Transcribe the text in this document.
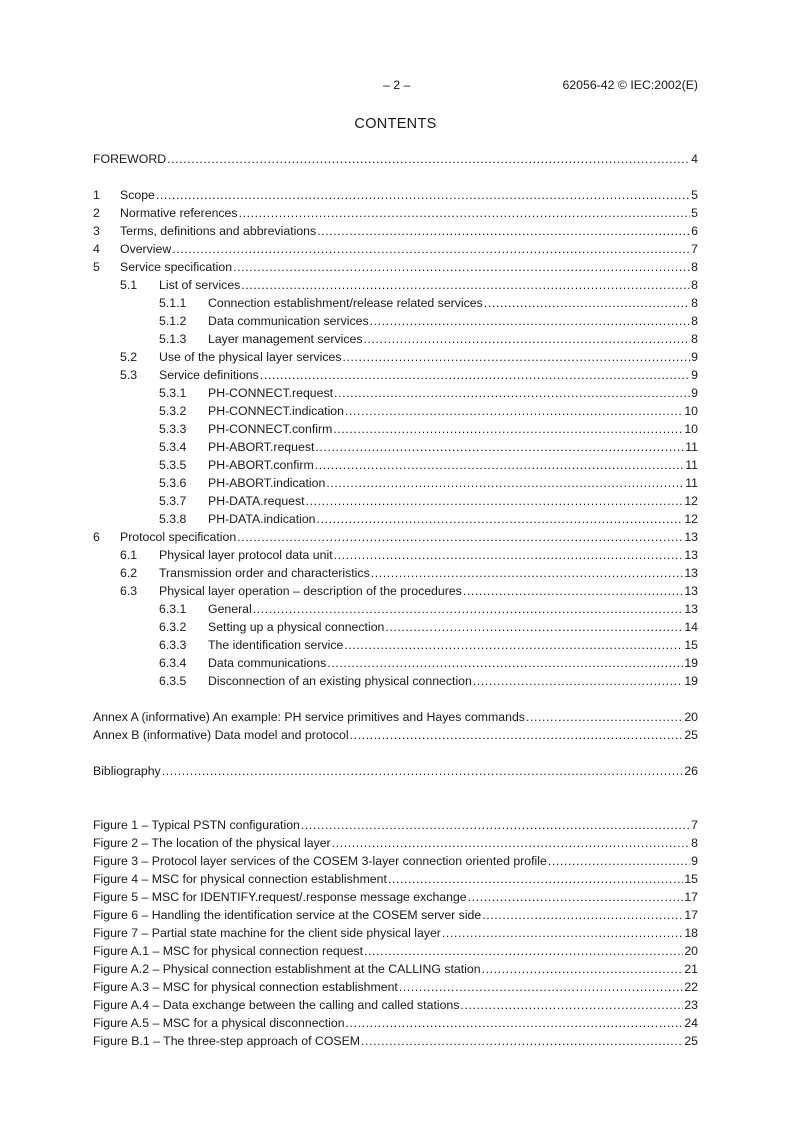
– 2 –	62056-42 © IEC:2002(E)
CONTENTS
FOREWORD .....	4
1	Scope .....	5
2	Normative references .....	5
3	Terms, definitions and abbreviations .....	6
4	Overview .....	7
5	Service specification .....	8
5.1	List of services .....	8
5.1.1	Connection establishment/release related services .....	8
5.1.2	Data communication services .....	8
5.1.3	Layer management services .....	8
5.2	Use of the physical layer services .....	9
5.3	Service definitions .....	9
5.3.1	PH-CONNECT.request .....	9
5.3.2	PH-CONNECT.indication .....	10
5.3.3	PH-CONNECT.confirm .....	10
5.3.4	PH-ABORT.request .....	11
5.3.5	PH-ABORT.confirm .....	11
5.3.6	PH-ABORT.indication .....	11
5.3.7	PH-DATA.request .....	12
5.3.8	PH-DATA.indication .....	12
6	Protocol specification .....	13
6.1	Physical layer protocol data unit .....	13
6.2	Transmission order and characteristics .....	13
6.3	Physical layer operation – description of the procedures .....	13
6.3.1	General .....	13
6.3.2	Setting up a physical connection .....	14
6.3.3	The identification service .....	15
6.3.4	Data communications .....	19
6.3.5	Disconnection of an existing physical connection .....	19
Annex A (informative) An example: PH service primitives and Hayes commands .....	20
Annex B (informative) Data model and protocol .....	25
Bibliography .....	26
Figure 1 – Typical PSTN configuration .....	7
Figure 2 – The location of the physical layer .....	8
Figure 3 – Protocol layer services of the COSEM 3-layer connection oriented profile .....	9
Figure 4 – MSC for physical connection establishment .....	15
Figure 5 – MSC for IDENTIFY.request/.response message exchange .....	17
Figure 6 – Handling the identification service at the COSEM server side .....	17
Figure 7 – Partial state machine for the client side physical layer .....	18
Figure A.1 – MSC for physical connection request .....	20
Figure A.2 – Physical connection establishment at the CALLING station .....	21
Figure A.3 – MSC for physical connection establishment .....	22
Figure A.4 – Data exchange between the calling and called stations .....	23
Figure A.5 – MSC for a physical disconnection .....	24
Figure B.1 – The three-step approach of COSEM .....	25
